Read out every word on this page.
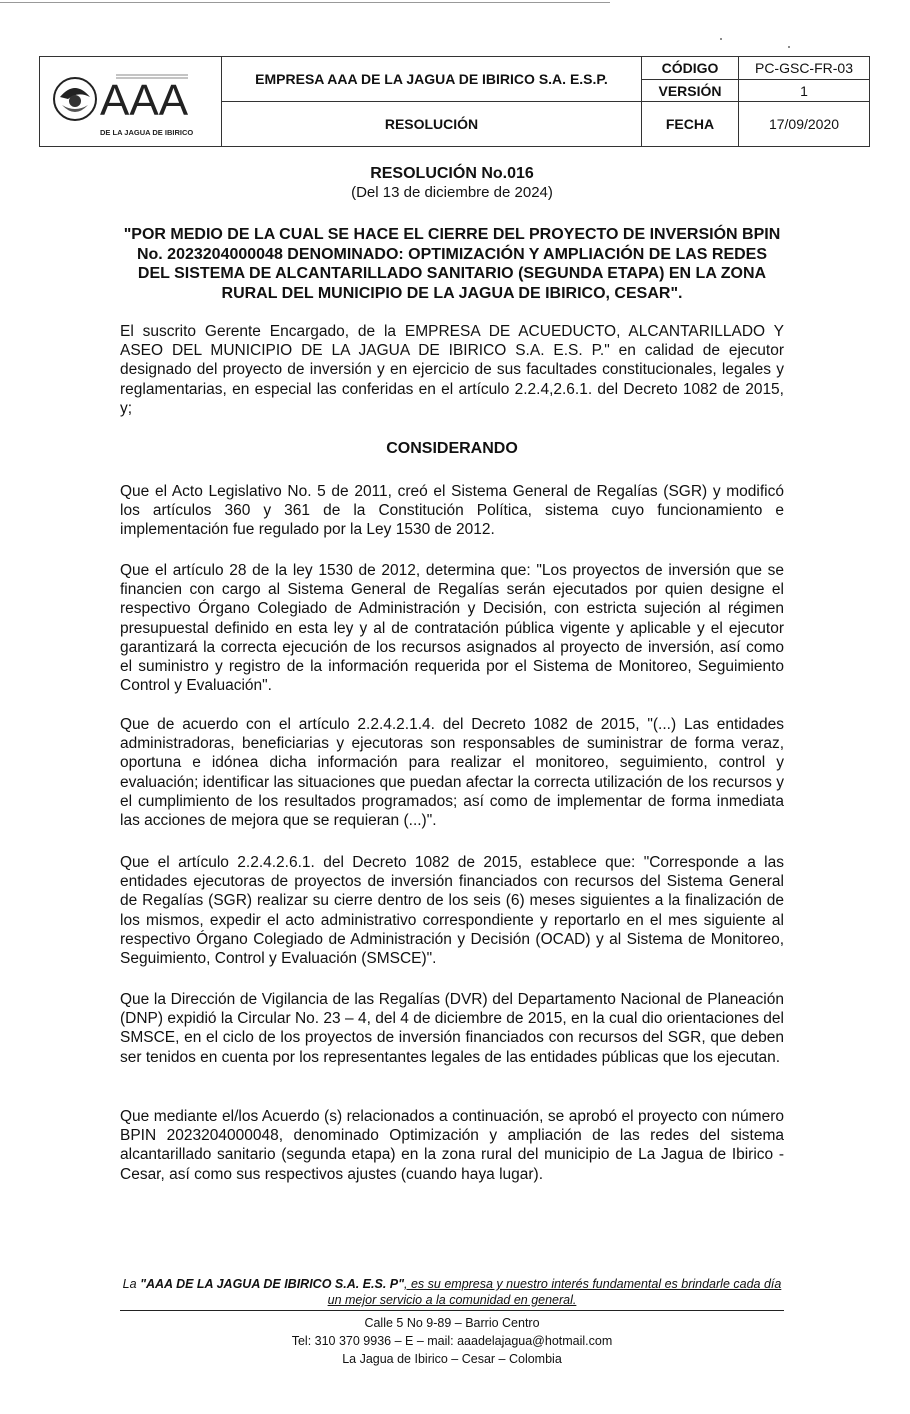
AAA
DE LA JAGUA DE IBIRICO	EMPRESA AAA DE LA JAGUA DE IBIRICO S.A. E.S.P.	CÓDIGO	PC-GSC-FR-03
		VERSIÓN	1
	RESOLUCIÓN	FECHA	17/09/2020
RESOLUCIÓN No.016
(Del 13 de diciembre de 2024)
"POR MEDIO DE LA CUAL SE HACE EL CIERRE DEL PROYECTO DE INVERSIÓN BPIN No. 2023204000048 DENOMINADO: OPTIMIZACIÓN Y AMPLIACIÓN DE LAS REDES DEL SISTEMA DE ALCANTARILLADO SANITARIO (SEGUNDA ETAPA) EN LA ZONA RURAL DEL MUNICIPIO DE LA JAGUA DE IBIRICO, CESAR".
El suscrito Gerente Encargado, de la EMPRESA DE ACUEDUCTO, ALCANTARILLADO Y ASEO DEL MUNICIPIO DE LA JAGUA DE IBIRICO S.A. E.S. P." en calidad de ejecutor designado del proyecto de inversión y en ejercicio de sus facultades constitucionales, legales y reglamentarias, en especial las conferidas en el artículo 2.2.4,2.6.1. del Decreto 1082 de 2015, y;
CONSIDERANDO
Que el Acto Legislativo No. 5 de 2011, creó el Sistema General de Regalías (SGR) y modificó los artículos 360 y 361 de la Constitución Política, sistema cuyo funcionamiento e implementación fue regulado por la Ley 1530 de 2012.
Que el artículo 28 de la ley 1530 de 2012, determina que: "Los proyectos de inversión que se financien con cargo al Sistema General de Regalías serán ejecutados por quien designe el respectivo Órgano Colegiado de Administración y Decisión, con estricta sujeción al régimen presupuestal definido en esta ley y al de contratación pública vigente y aplicable y el ejecutor garantizará la correcta ejecución de los recursos asignados al proyecto de inversión, así como el suministro y registro de la información requerida por el Sistema de Monitoreo, Seguimiento Control y Evaluación".
Que de acuerdo con el artículo 2.2.4.2.1.4. del Decreto 1082 de 2015, "(...) Las entidades administradoras, beneficiarias y ejecutoras son responsables de suministrar de forma veraz, oportuna e idónea dicha información para realizar el monitoreo, seguimiento, control y evaluación; identificar las situaciones que puedan afectar la correcta utilización de los recursos y el cumplimiento de los resultados programados; así como de implementar de forma inmediata las acciones de mejora que se requieran (...)".
Que el artículo 2.2.4.2.6.1. del Decreto 1082 de 2015, establece que: "Corresponde a las entidades ejecutoras de proyectos de inversión financiados con recursos del Sistema General de Regalías (SGR) realizar su cierre dentro de los seis (6) meses siguientes a la finalización de los mismos, expedir el acto administrativo correspondiente y reportarlo en el mes siguiente al respectivo Órgano Colegiado de Administración y Decisión (OCAD) y al Sistema de Monitoreo, Seguimiento, Control y Evaluación (SMSCE)".
Que la Dirección de Vigilancia de las Regalías (DVR) del Departamento Nacional de Planeación (DNP) expidió la Circular No. 23 – 4, del 4 de diciembre de 2015, en la cual dio orientaciones del SMSCE, en el ciclo de los proyectos de inversión financiados con recursos del SGR, que deben ser tenidos en cuenta por los representantes legales de las entidades públicas que los ejecutan.
Que mediante el/los Acuerdo (s) relacionados a continuación, se aprobó el proyecto con número BPIN 2023204000048, denominado Optimización y ampliación de las redes del sistema alcantarillado sanitario (segunda etapa) en la zona rural del municipio de La Jagua de Ibirico - Cesar, así como sus respectivos ajustes (cuando haya lugar).
La "AAA DE LA JAGUA DE IBIRICO S.A. E.S. P", es su empresa y nuestro interés fundamental es brindarle cada día un mejor servicio a la comunidad en general.
Calle 5 No 9-89 – Barrio Centro
Tel: 310 370 9936 – E – mail: aaadelajagua@hotmail.com
La Jagua de Ibirico – Cesar – Colombia
